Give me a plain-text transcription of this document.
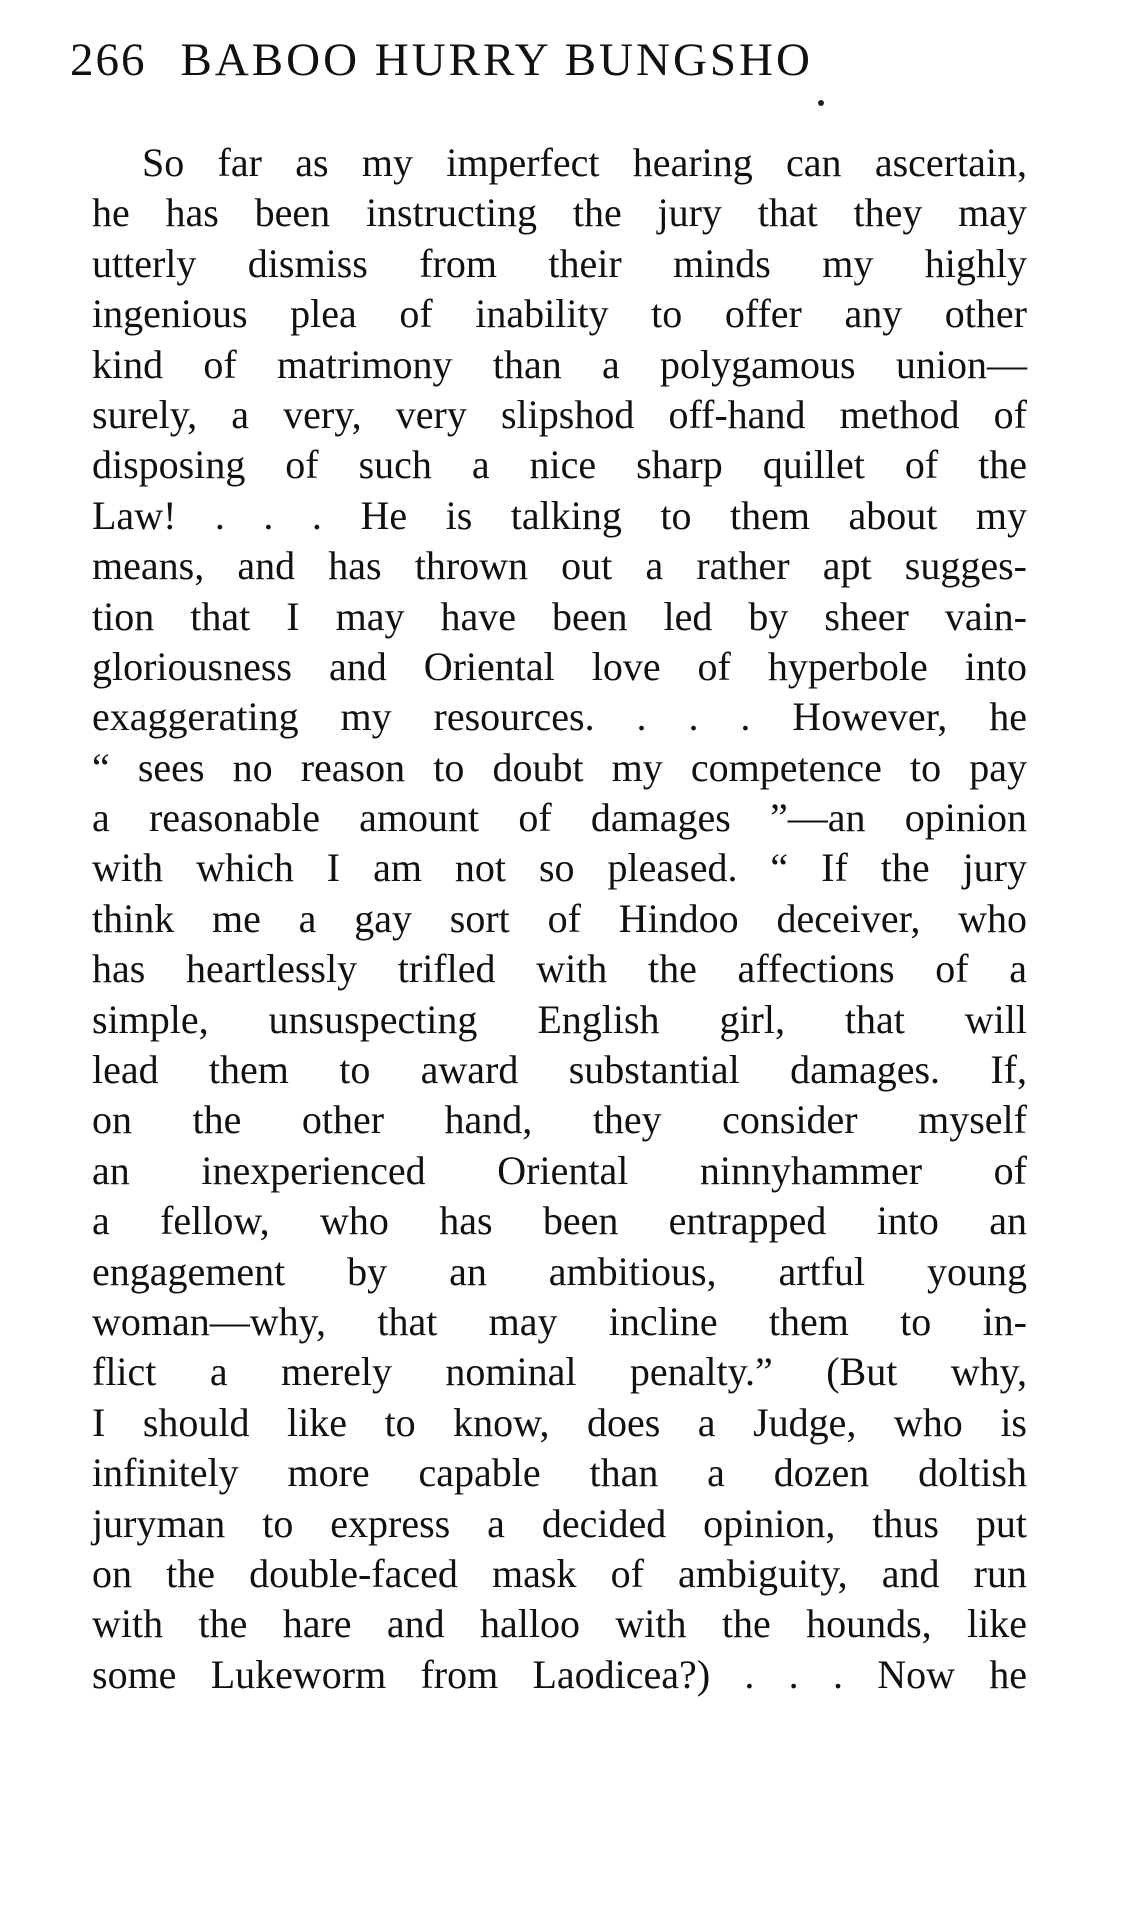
266 BABOO HURRY BUNGSHO
So far as my imperfect hearing can ascertain,
he has been instructing the jury that they may
utterly dismiss from their minds my highly
ingenious plea of inability to offer any other
kind of matrimony than a polygamous union—
surely, a very, very slipshod off-hand method of
disposing of such a nice sharp quillet of the
Law! . . . He is talking to them about my
means, and has thrown out a rather apt sugges-
tion that I may have been led by sheer vain-
gloriousness and Oriental love of hyperbole into
exaggerating my resources. . . . However, he
“ sees no reason to doubt my competence to pay
a reasonable amount of damages ”—an opinion
with which I am not so pleased. “ If the jury
think me a gay sort of Hindoo deceiver, who
has heartlessly trifled with the affections of a
simple, unsuspecting English girl, that will
lead them to award substantial damages. If,
on the other hand, they consider myself
an inexperienced Oriental ninnyhammer of
a fellow, who has been entrapped into an
engagement by an ambitious, artful young
woman—why, that may incline them to in-
flict a merely nominal penalty.” (But why,
I should like to know, does a Judge, who is
infinitely more capable than a dozen doltish
juryman to express a decided opinion, thus put
on the double-faced mask of ambiguity, and run
with the hare and halloo with the hounds, like
some Lukeworm from Laodicea?) . . . Now he
